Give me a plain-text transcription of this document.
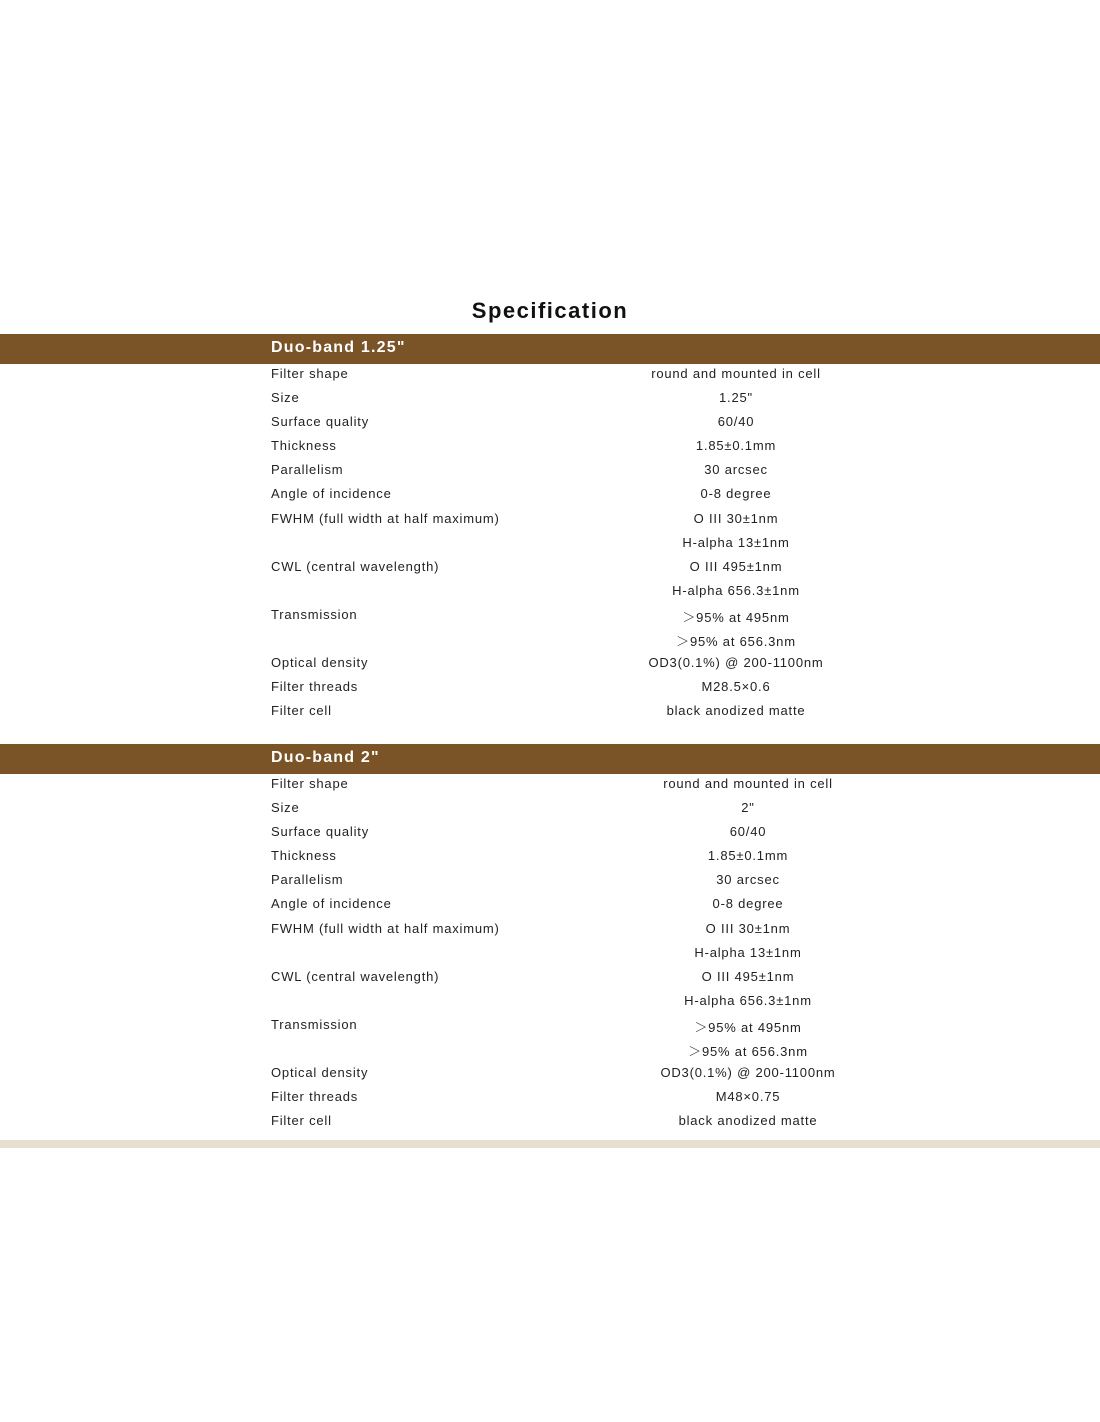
Specification
Duo-band 1.25"
Filter shape	round and mounted in cell
Size	1.25"
Surface quality	60/40
Thickness	1.85±0.1mm
Parallelism	30 arcsec
Angle of incidence	0-8 degree
FWHM (full width at half maximum)	O III 30±1nm
H-alpha 13±1nm
CWL (central wavelength)	O III 495±1nm
H-alpha 656.3±1nm
Transmission	＞95% at 495nm
＞95% at 656.3nm
Optical density	OD3(0.1%) @ 200-1100nm
Filter threads	M28.5×0.6
Filter cell	black anodized matte
Duo-band 2"
Filter shape	round and mounted in cell
Size	2"
Surface quality	60/40
Thickness	1.85±0.1mm
Parallelism	30 arcsec
Angle of incidence	0-8 degree
FWHM (full width at half maximum)	O III 30±1nm
H-alpha 13±1nm
CWL (central wavelength)	O III 495±1nm
H-alpha 656.3±1nm
Transmission	＞95% at 495nm
＞95% at 656.3nm
Optical density	OD3(0.1%) @ 200-1100nm
Filter threads	M48×0.75
Filter cell	black anodized matte
